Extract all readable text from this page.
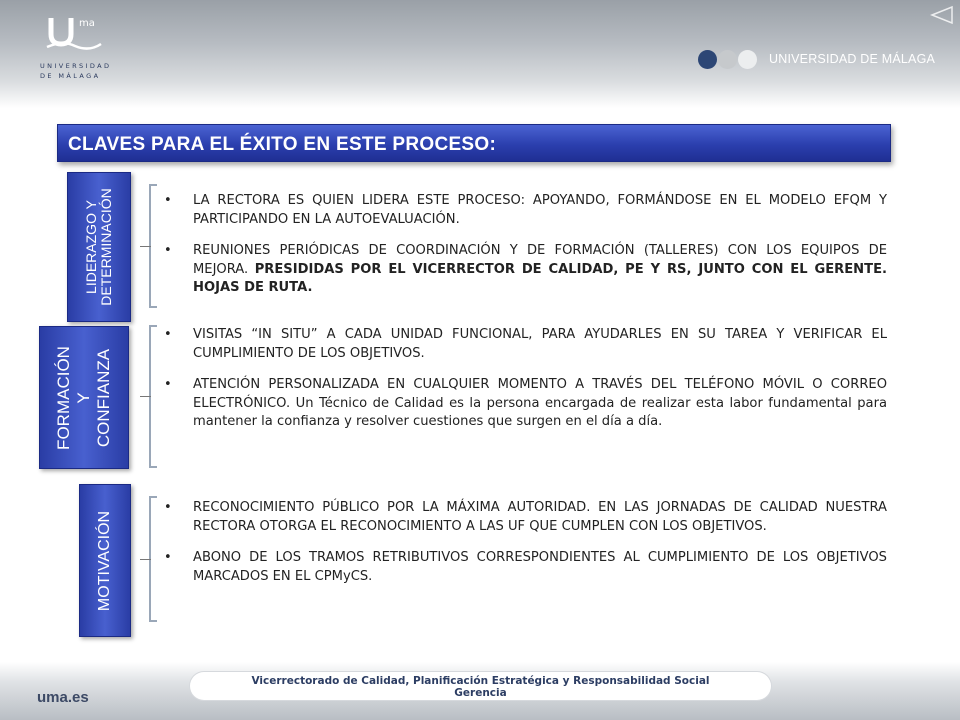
ma
UNIVERSIDAD
DE MÁLAGA
UNIVERSIDAD DE MÁLAGA
CLAVES PARA EL ÉXITO EN ESTE PROCESO:
LIDERAZGO Y DETERMINACIÓN
•	LA RECTORA ES QUIEN LIDERA ESTE PROCESO: APOYANDO, FORMÁNDOSE EN EL MODELO EFQM Y PARTICIPANDO EN LA AUTOEVALUACIÓN.
• REUNIONES PERIÓDICAS DE COORDINACIÓN Y DE FORMACIÓN (TALLERES) CON LOS EQUIPOS DE MEJORA. PRESIDIDAS POR EL VICERRECTOR DE CALIDAD, PE Y RS, JUNTO CON EL GERENTE. HOJAS DE RUTA.
FORMACIÓN Y CONFIANZA
• VISITAS “IN SITU” A CADA UNIDAD FUNCIONAL, PARA AYUDARLES EN SU TAREA Y VERIFICAR EL CUMPLIMIENTO DE LOS OBJETIVOS.
• ATENCIÓN PERSONALIZADA EN CUALQUIER MOMENTO A TRAVÉS DEL TELÉFONO MÓVIL O CORREO ELECTRÓNICO. Un Técnico de Calidad es la persona encargada de realizar esta labor fundamental para mantener la confianza y resolver cuestiones que surgen en el día a día.
MOTIVACIÓN
• RECONOCIMIENTO PÚBLICO POR LA MÁXIMA AUTORIDAD. EN LAS JORNADAS DE CALIDAD NUESTRA RECTORA OTORGA EL RECONOCIMIENTO A LAS UF QUE CUMPLEN CON LOS OBJETIVOS.
• ABONO DE LOS TRAMOS RETRIBUTIVOS CORRESPONDIENTES AL CUMPLIMIENTO DE LOS OBJETIVOS MARCADOS EN EL CPMyCS.
uma.es
Vicerrectorado de Calidad, Planificación Estratégica y Responsabilidad Social
Gerencia
